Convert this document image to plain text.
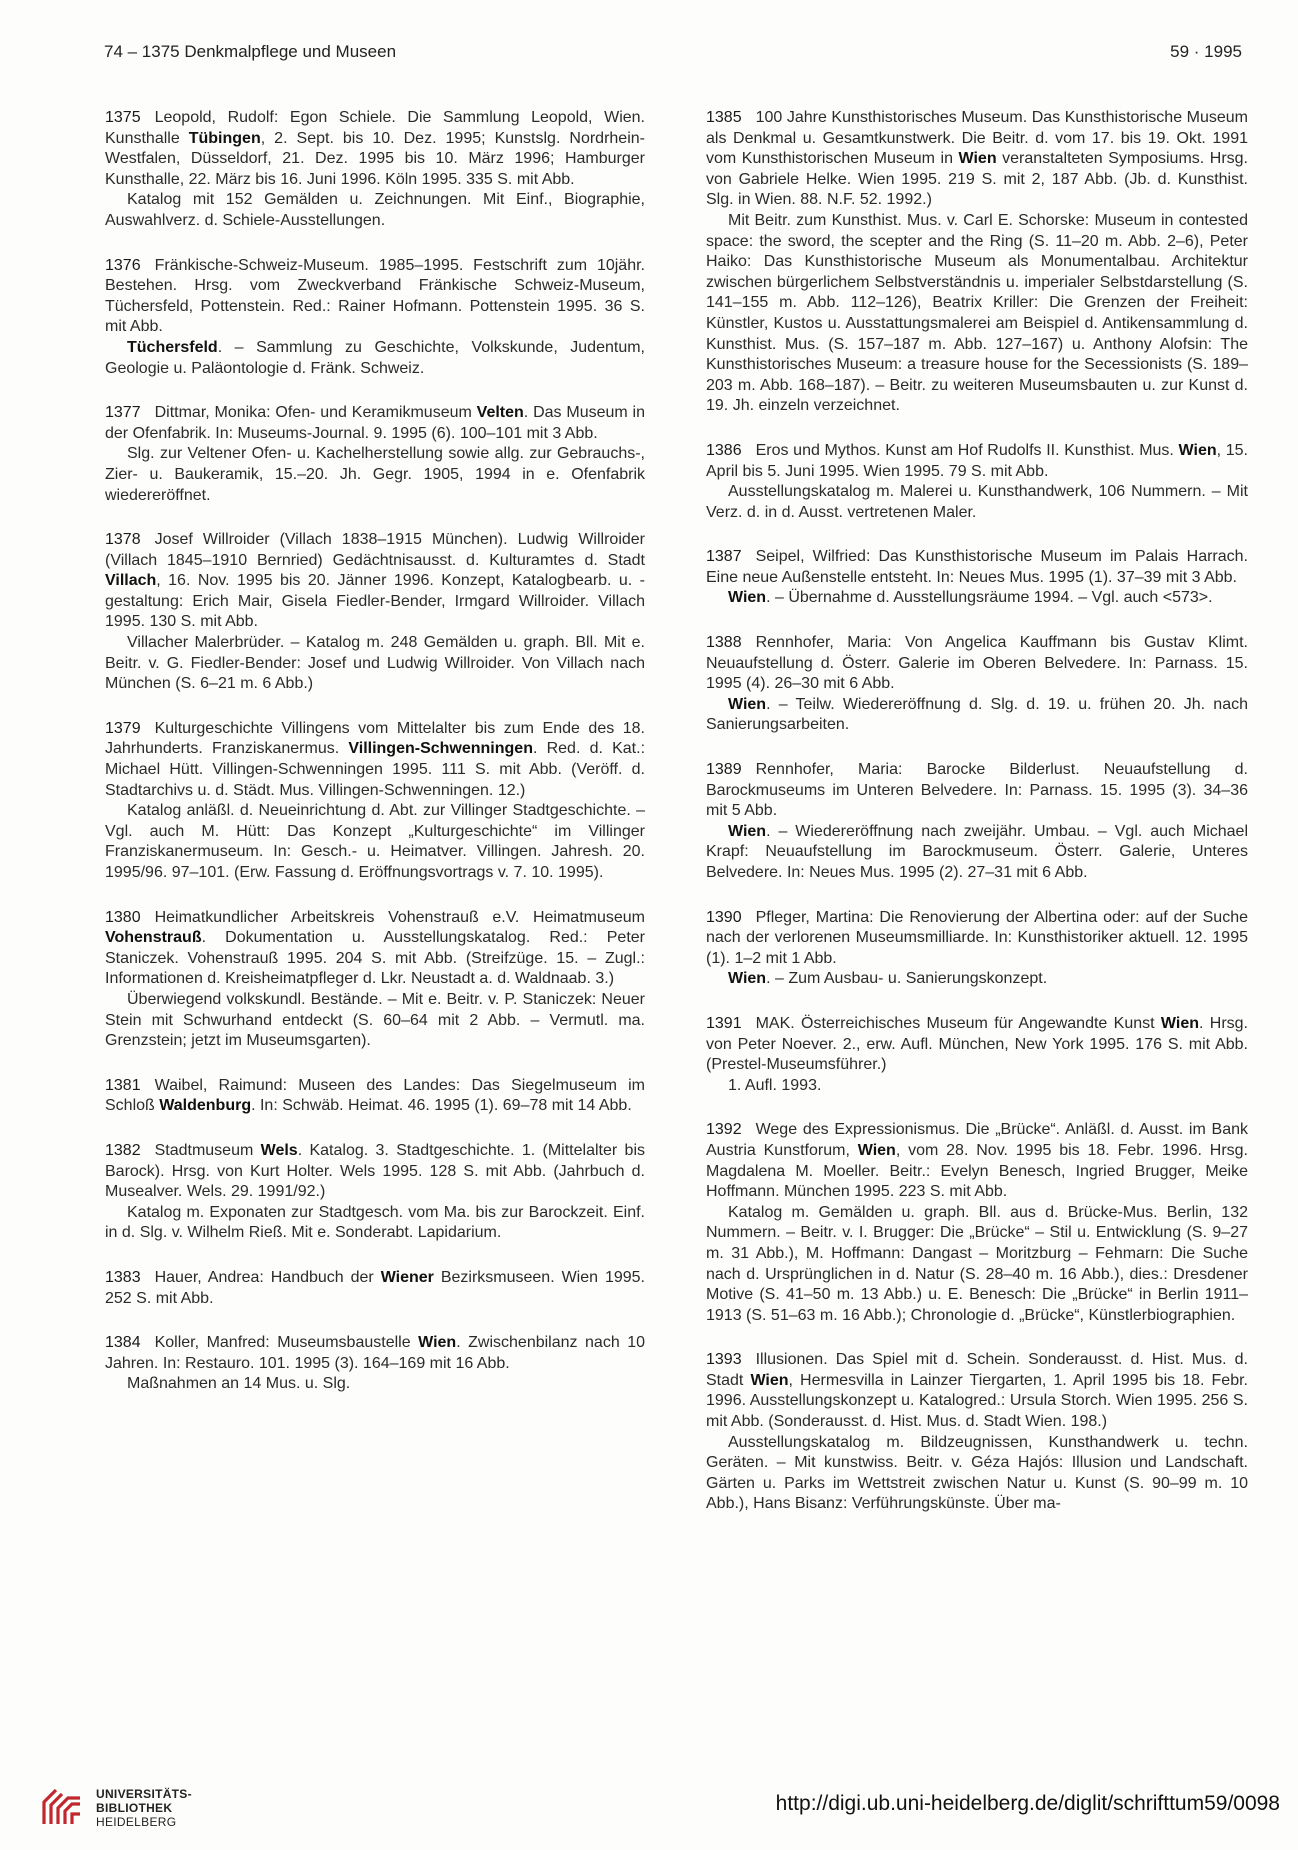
74 – 1375 Denkmalpflege und Museen	59 · 1995

1375 Leopold, Rudolf: Egon Schiele. Die Sammlung Leopold, Wien. Kunsthalle Tübingen, 2. Sept. bis 10. Dez. 1995; Kunstslg. Nordrhein-Westfalen, Düsseldorf, 21. Dez. 1995 bis 10. März 1996; Hamburger Kunsthalle, 22. März bis 16. Juni 1996. Köln 1995. 335 S. mit Abb.

Katalog mit 152 Gemälden u. Zeichnungen. Mit Einf., Biographie, Auswahlverz. d. Schiele-Ausstellungen.

1376 Fränkische-Schweiz-Museum. 1985–1995. Festschrift zum 10jähr. Bestehen. Hrsg. vom Zweckverband Fränkische Schweiz-Museum, Tüchersfeld, Pottenstein. Red.: Rainer Hofmann. Pottenstein 1995. 36 S. mit Abb.

Tüchersfeld. – Sammlung zu Geschichte, Volkskunde, Judentum, Geologie u. Paläontologie d. Fränk. Schweiz.

1377 Dittmar, Monika: Ofen- und Keramikmuseum Velten. Das Museum in der Ofenfabrik. In: Museums-Journal. 9. 1995 (6). 100–101 mit 3 Abb.

Slg. zur Veltener Ofen- u. Kachelherstellung sowie allg. zur Gebrauchs-, Zier- u. Baukeramik, 15.–20. Jh. Gegr. 1905, 1994 in e. Ofenfabrik wiedereröffnet.

1378 Josef Willroider (Villach 1838–1915 München). Ludwig Willroider (Villach 1845–1910 Bernried) Gedächtnisausst. d. Kulturamtes d. Stadt Villach, 16. Nov. 1995 bis 20. Jänner 1996. Konzept, Katalogbearb. u. -gestaltung: Erich Mair, Gisela Fiedler-Bender, Irmgard Willroider. Villach 1995. 130 S. mit Abb.

Villacher Malerbrüder. – Katalog m. 248 Gemälden u. graph. Bll. Mit e. Beitr. v. G. Fiedler-Bender: Josef und Ludwig Willroider. Von Villach nach München (S. 6–21 m. 6 Abb.)

1379 Kulturgeschichte Villingens vom Mittelalter bis zum Ende des 18. Jahrhunderts. Franziskanermus. Villingen-Schwenningen. Red. d. Kat.: Michael Hütt. Villingen-Schwenningen 1995. 111 S. mit Abb. (Veröff. d. Stadtarchivs u. d. Städt. Mus. Villingen-Schwenningen. 12.)

Katalog anläßl. d. Neueinrichtung d. Abt. zur Villinger Stadtgeschichte. – Vgl. auch M. Hütt: Das Konzept „Kulturgeschichte“ im Villinger Franziskanermuseum. In: Gesch.- u. Heimatver. Villingen. Jahresh. 20. 1995/96. 97–101. (Erw. Fassung d. Eröffnungsvortrags v. 7. 10. 1995).

1380 Heimatkundlicher Arbeitskreis Vohenstrauß e.V. Heimatmuseum Vohenstrauß. Dokumentation u. Ausstellungskatalog. Red.: Peter Staniczek. Vohenstrauß 1995. 204 S. mit Abb. (Streifzüge. 15. – Zugl.: Informationen d. Kreisheimatpfleger d. Lkr. Neustadt a. d. Waldnaab. 3.)

Überwiegend volkskundl. Bestände. – Mit e. Beitr. v. P. Staniczek: Neuer Stein mit Schwurhand entdeckt (S. 60–64 mit 2 Abb. – Vermutl. ma. Grenzstein; jetzt im Museumsgarten).

1381 Waibel, Raimund: Museen des Landes: Das Siegelmuseum im Schloß Waldenburg. In: Schwäb. Heimat. 46. 1995 (1). 69–78 mit 14 Abb.

1382 Stadtmuseum Wels. Katalog. 3. Stadtgeschichte. 1. (Mittelalter bis Barock). Hrsg. von Kurt Holter. Wels 1995. 128 S. mit Abb. (Jahrbuch d. Musealver. Wels. 29. 1991/92.)

Katalog m. Exponaten zur Stadtgesch. vom Ma. bis zur Barockzeit. Einf. in d. Slg. v. Wilhelm Rieß. Mit e. Sonderabt. Lapidarium.

1383 Hauer, Andrea: Handbuch der Wiener Bezirksmuseen. Wien 1995. 252 S. mit Abb.

1384 Koller, Manfred: Museumsbaustelle Wien. Zwischenbilanz nach 10 Jahren. In: Restauro. 101. 1995 (3). 164–169 mit 16 Abb.

Maßnahmen an 14 Mus. u. Slg.

1385 100 Jahre Kunsthistorisches Museum. Das Kunsthistorische Museum als Denkmal u. Gesamtkunstwerk. Die Beitr. d. vom 17. bis 19. Okt. 1991 vom Kunsthistorischen Museum in Wien veranstalteten Symposiums. Hrsg. von Gabriele Helke. Wien 1995. 219 S. mit 2, 187 Abb. (Jb. d. Kunsthist. Slg. in Wien. 88. N.F. 52. 1992.)

Mit Beitr. zum Kunsthist. Mus. v. Carl E. Schorske: Museum in contested space: the sword, the scepter and the Ring (S. 11–20 m. Abb. 2–6), Peter Haiko: Das Kunsthistorische Museum als Monumentalbau. Architektur zwischen bürgerlichem Selbstverständnis u. imperialer Selbstdarstellung (S. 141–155 m. Abb. 112–126), Beatrix Kriller: Die Grenzen der Freiheit: Künstler, Kustos u. Ausstattungsmalerei am Beispiel d. Antikensammlung d. Kunsthist. Mus. (S. 157–187 m. Abb. 127–167) u. Anthony Alofsin: The Kunsthistorisches Museum: a treasure house for the Secessionists (S. 189–203 m. Abb. 168–187). – Beitr. zu weiteren Museumsbauten u. zur Kunst d. 19. Jh. einzeln verzeichnet.

1386 Eros und Mythos. Kunst am Hof Rudolfs II. Kunsthist. Mus. Wien, 15. April bis 5. Juni 1995. Wien 1995. 79 S. mit Abb.

Ausstellungskatalog m. Malerei u. Kunsthandwerk, 106 Nummern. – Mit Verz. d. in d. Ausst. vertretenen Maler.

1387 Seipel, Wilfried: Das Kunsthistorische Museum im Palais Harrach. Eine neue Außenstelle entsteht. In: Neues Mus. 1995 (1). 37–39 mit 3 Abb.

Wien. – Übernahme d. Ausstellungsräume 1994. – Vgl. auch <573>.

1388 Rennhofer, Maria: Von Angelica Kauffmann bis Gustav Klimt. Neuaufstellung d. Österr. Galerie im Oberen Belvedere. In: Parnass. 15. 1995 (4). 26–30 mit 6 Abb.

Wien. – Teilw. Wiedereröffnung d. Slg. d. 19. u. frühen 20. Jh. nach Sanierungsarbeiten.

1389 Rennhofer, Maria: Barocke Bilderlust. Neuaufstellung d. Barockmuseums im Unteren Belvedere. In: Parnass. 15. 1995 (3). 34–36 mit 5 Abb.

Wien. – Wiedereröffnung nach zweijähr. Umbau. – Vgl. auch Michael Krapf: Neuaufstellung im Barockmuseum. Österr. Galerie, Unteres Belvedere. In: Neues Mus. 1995 (2). 27–31 mit 6 Abb.

1390 Pfleger, Martina: Die Renovierung der Albertina oder: auf der Suche nach der verlorenen Museumsmilliarde. In: Kunsthistoriker aktuell. 12. 1995 (1). 1–2 mit 1 Abb.

Wien. – Zum Ausbau- u. Sanierungskonzept.

1391 MAK. Österreichisches Museum für Angewandte Kunst Wien. Hrsg. von Peter Noever. 2., erw. Aufl. München, New York 1995. 176 S. mit Abb. (Prestel-Museumsführer.)

1. Aufl. 1993.

1392 Wege des Expressionismus. Die „Brücke“. Anläßl. d. Ausst. im Bank Austria Kunstforum, Wien, vom 28. Nov. 1995 bis 18. Febr. 1996. Hrsg. Magdalena M. Moeller. Beitr.: Evelyn Benesch, Ingried Brugger, Meike Hoffmann. München 1995. 223 S. mit Abb.

Katalog m. Gemälden u. graph. Bll. aus d. Brücke-Mus. Berlin, 132 Nummern. – Beitr. v. I. Brugger: Die „Brücke“ – Stil u. Entwicklung (S. 9–27 m. 31 Abb.), M. Hoffmann: Dangast – Moritzburg – Fehmarn: Die Suche nach d. Ursprünglichen in d. Natur (S. 28–40 m. 16 Abb.), dies.: Dresdener Motive (S. 41–50 m. 13 Abb.) u. E. Benesch: Die „Brücke“ in Berlin 1911–1913 (S. 51–63 m. 16 Abb.); Chronologie d. „Brücke“, Künstlerbiographien.

1393 Illusionen. Das Spiel mit d. Schein. Sonderausst. d. Hist. Mus. d. Stadt Wien, Hermesvilla in Lainzer Tiergarten, 1. April 1995 bis 18. Febr. 1996. Ausstellungskonzept u. Katalogred.: Ursula Storch. Wien 1995. 256 S. mit Abb. (Sonderausst. d. Hist. Mus. d. Stadt Wien. 198.)

Ausstellungskatalog m. Bildzeugnissen, Kunsthandwerk u. techn. Geräten. – Mit kunstwiss. Beitr. v. Géza Hajós: Illusion und Landschaft. Gärten u. Parks im Wettstreit zwischen Natur u. Kunst (S. 90–99 m. 10 Abb.), Hans Bisanz: Verführungskünste. Über ma-

UNIVERSITÄTS-
BIBLIOTHEK
HEIDELBERG
http://digi.ub.uni-heidelberg.de/diglit/schrifttum59/0098
